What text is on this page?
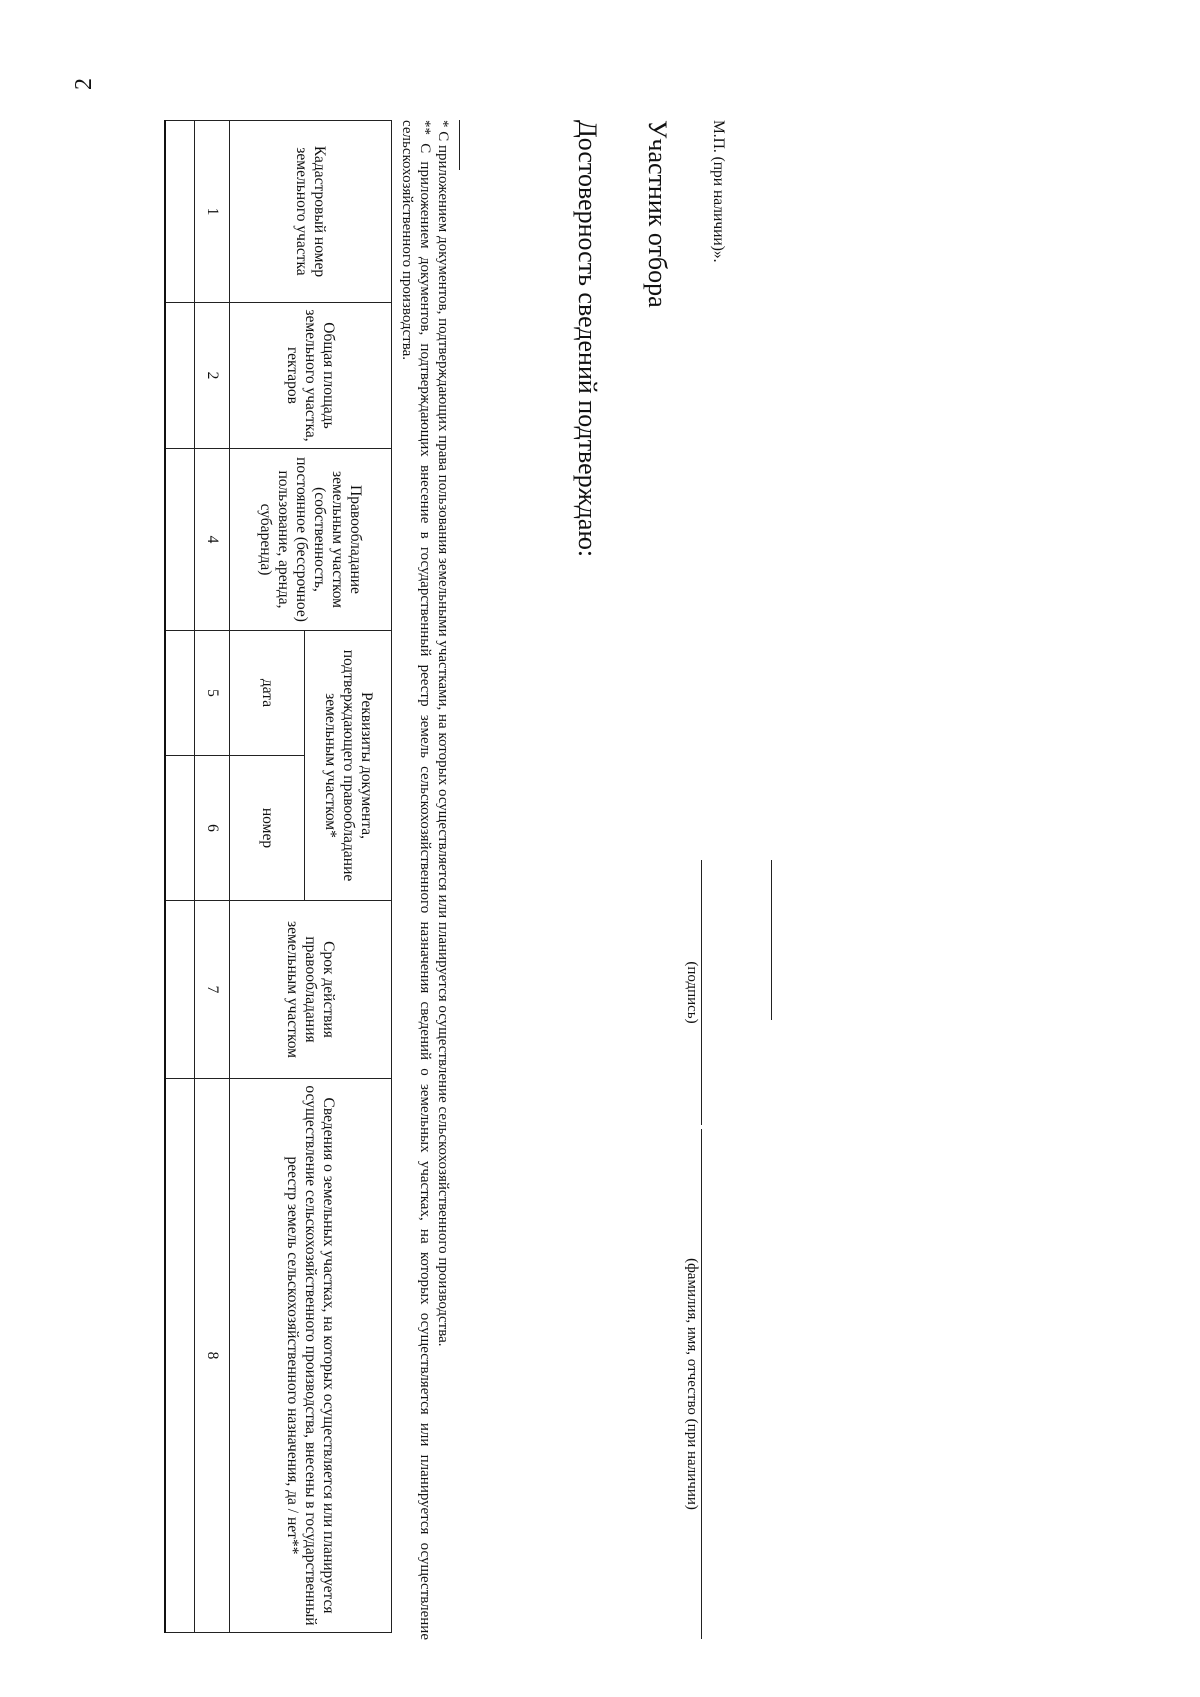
2
Кадастровый номер земельного участка	Общая площадь земельного участка, гектаров	Правообладание земельным участком (собственность, постоянное (бессрочное) пользование, аренда, субаренда)	Реквизиты документа, подтверждающего правообладание земельным участком*		Срок действия правообладания земельным участком	Сведения о земельных участках, на которых осуществляется или планируется осуществление сельскохозяйственного производства, внесены в государственный реестр земель сельскохозяйственного назначения, да / нет**
			дата	номер		
1	2	4	5	6	7	8

* С приложением документов, подтверждающих права пользования земельными участками, на которых осуществляется или планируется осуществление сельскохозяйственного производства.

** С приложением документов, подтверждающих внесение в государственный реестр земель сельскохозяйственного назначения сведений о земельных участках, на которых осуществляется или планируется осуществление сельскохозяйственного производства.	Достоверность сведений подтверждаю: Участник отбора М.П. (при наличии)».
(подпись)
(фамилия, имя, отчество (при наличии)
